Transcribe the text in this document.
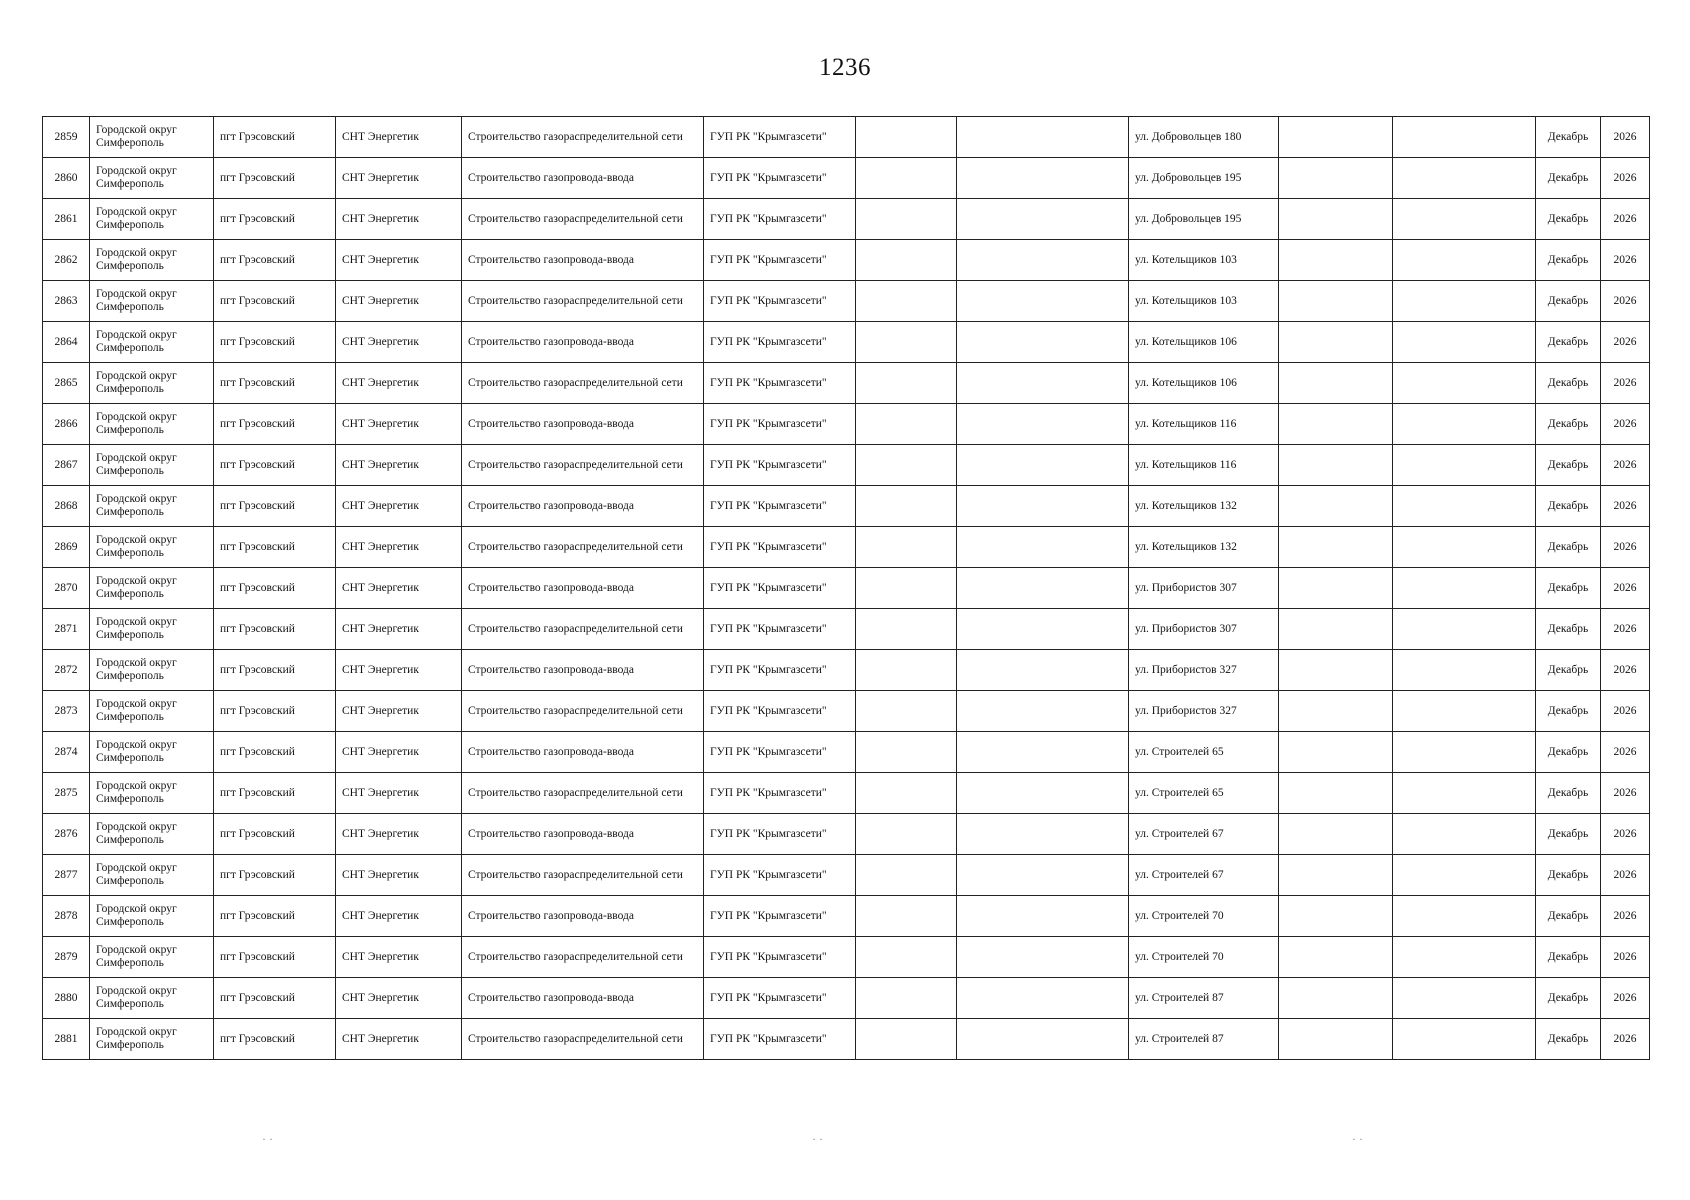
1236
2859	Городской округ Симферополь	пгт Грэсовский	СНТ Энергетик	Строительство газораспределительной сети	ГУП РК "Крымгазсети"			ул. Добровольцев 180			Декабрь	2026
2860	Городской округ Симферополь	пгт Грэсовский	СНТ Энергетик	Строительство газопровода-ввода	ГУП РК "Крымгазсети"			ул. Добровольцев 195			Декабрь	2026
2861	Городской округ Симферополь	пгт Грэсовский	СНТ Энергетик	Строительство газораспределительной сети	ГУП РК "Крымгазсети"			ул. Добровольцев 195			Декабрь	2026
2862	Городской округ Симферополь	пгт Грэсовский	СНТ Энергетик	Строительство газопровода-ввода	ГУП РК "Крымгазсети"			ул. Котельщиков 103			Декабрь	2026
2863	Городской округ Симферополь	пгт Грэсовский	СНТ Энергетик	Строительство газораспределительной сети	ГУП РК "Крымгазсети"			ул. Котельщиков 103			Декабрь	2026
2864	Городской округ Симферополь	пгт Грэсовский	СНТ Энергетик	Строительство газопровода-ввода	ГУП РК "Крымгазсети"			ул. Котельщиков 106			Декабрь	2026
2865	Городской округ Симферополь	пгт Грэсовский	СНТ Энергетик	Строительство газораспределительной сети	ГУП РК "Крымгазсети"			ул. Котельщиков 106			Декабрь	2026
2866	Городской округ Симферополь	пгт Грэсовский	СНТ Энергетик	Строительство газопровода-ввода	ГУП РК "Крымгазсети"			ул. Котельщиков 116			Декабрь	2026
2867	Городской округ Симферополь	пгт Грэсовский	СНТ Энергетик	Строительство газораспределительной сети	ГУП РК "Крымгазсети"			ул. Котельщиков 116			Декабрь	2026
2868	Городской округ Симферополь	пгт Грэсовский	СНТ Энергетик	Строительство газопровода-ввода	ГУП РК "Крымгазсети"			ул. Котельщиков 132			Декабрь	2026
2869	Городской округ Симферополь	пгт Грэсовский	СНТ Энергетик	Строительство газораспределительной сети	ГУП РК "Крымгазсети"			ул. Котельщиков 132			Декабрь	2026
2870	Городской округ Симферополь	пгт Грэсовский	СНТ Энергетик	Строительство газопровода-ввода	ГУП РК "Крымгазсети"			ул. Прибористов 307			Декабрь	2026
2871	Городской округ Симферополь	пгт Грэсовский	СНТ Энергетик	Строительство газораспределительной сети	ГУП РК "Крымгазсети"			ул. Прибористов 307			Декабрь	2026
2872	Городской округ Симферополь	пгт Грэсовский	СНТ Энергетик	Строительство газопровода-ввода	ГУП РК "Крымгазсети"			ул. Прибористов 327			Декабрь	2026
2873	Городской округ Симферополь	пгт Грэсовский	СНТ Энергетик	Строительство газораспределительной сети	ГУП РК "Крымгазсети"			ул. Прибористов 327			Декабрь	2026
2874	Городской округ Симферополь	пгт Грэсовский	СНТ Энергетик	Строительство газопровода-ввода	ГУП РК "Крымгазсети"			ул. Строителей 65			Декабрь	2026
2875	Городской округ Симферополь	пгт Грэсовский	СНТ Энергетик	Строительство газораспределительной сети	ГУП РК "Крымгазсети"			ул. Строителей 65			Декабрь	2026
2876	Городской округ Симферополь	пгт Грэсовский	СНТ Энергетик	Строительство газопровода-ввода	ГУП РК "Крымгазсети"			ул. Строителей 67			Декабрь	2026
2877	Городской округ Симферополь	пгт Грэсовский	СНТ Энергетик	Строительство газораспределительной сети	ГУП РК "Крымгазсети"			ул. Строителей 67			Декабрь	2026
2878	Городской округ Симферополь	пгт Грэсовский	СНТ Энергетик	Строительство газопровода-ввода	ГУП РК "Крымгазсети"			ул. Строителей 70			Декабрь	2026
2879	Городской округ Симферополь	пгт Грэсовский	СНТ Энергетик	Строительство газораспределительной сети	ГУП РК "Крымгазсети"			ул. Строителей 70			Декабрь	2026
2880	Городской округ Симферополь	пгт Грэсовский	СНТ Энергетик	Строительство газопровода-ввода	ГУП РК "Крымгазсети"			ул. Строителей 87			Декабрь	2026
2881	Городской округ Симферополь	пгт Грэсовский	СНТ Энергетик	Строительство газораспределительной сети	ГУП РК "Крымгазсети"			ул. Строителей 87			Декабрь	2026
· ·	· ·	· ·
